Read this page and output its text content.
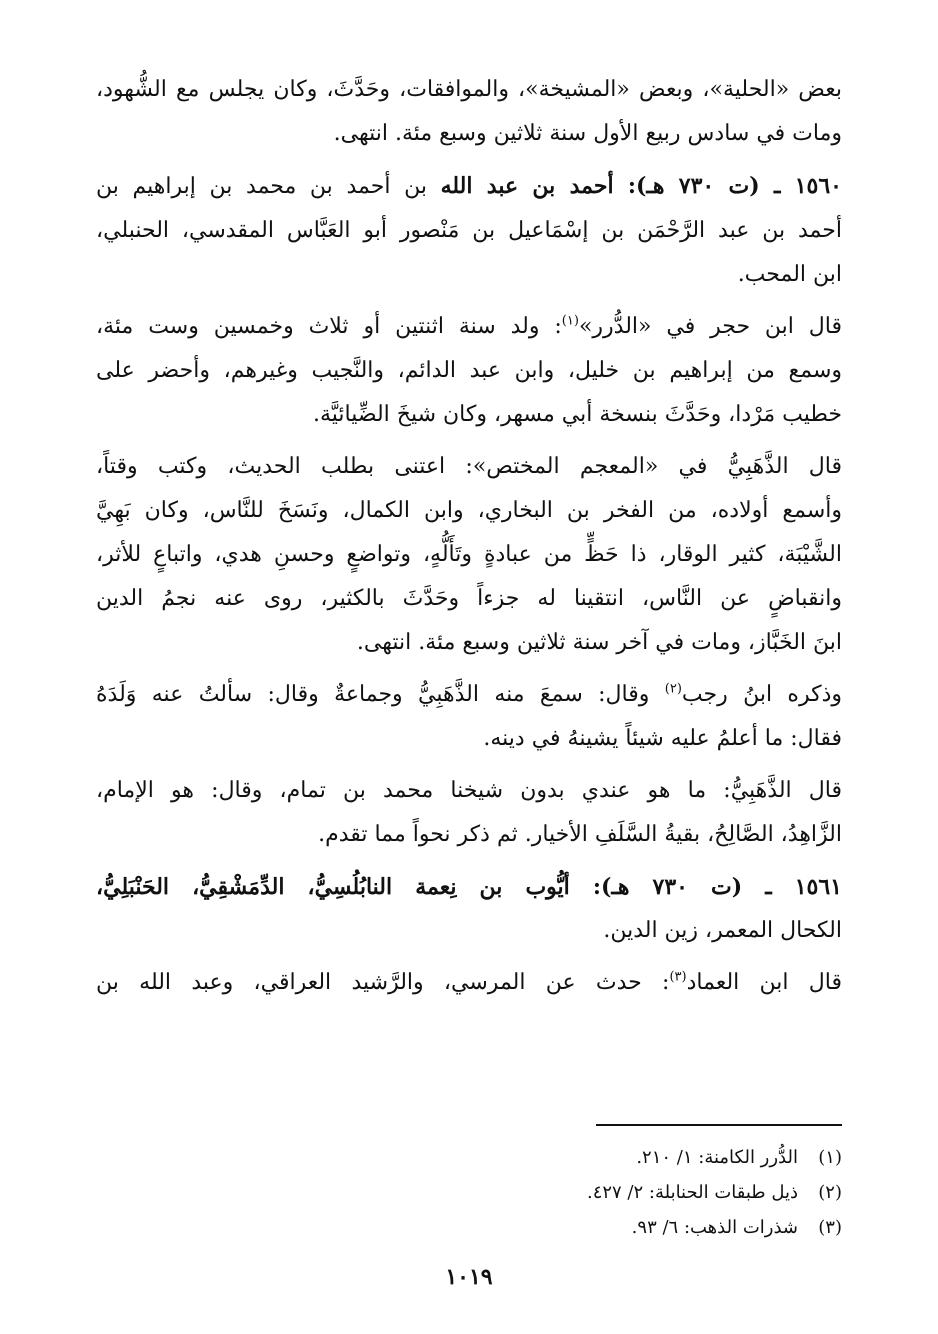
بعض «الحلية»، وبعض «المشيخة»، والموافقات، وحَدَّثَ، وكان يجلس مع الشُّهود،
ومات في سادس ربيع الأول سنة ثلاثين وسبع مئة. انتهى.

١٥٦٠ ـ (ت ٧٣٠ هـ): أحمد بن عبد الله بن أحمد بن محمد بن إبراهيم بن
أحمد بن عبد الرَّحْمَن بن إسْمَاعيل بن مَنْصور أبو العَبَّاس المقدسي، الحنبلي،
ابن المحب.

قال ابن حجر في «الدُّرر»$^{(١)}$: ولد سنة اثنتين أو ثلاث وخمسين وست مئة،
وسمع من إبراهيم بن خليل، وابن عبد الدائم، والنَّجيب وغيرهم، وأحضر على
خطيب مَرْدا، وحَدَّثَ بنسخة أبي مسهر، وكان شيخَ الضِّيائيَّة.

قال الذَّهَبِيُّ في «المعجم المختص»: اعتنى بطلب الحديث، وكتب وقتاً،
وأسمع أولاده، من الفخر بن البخاري، وابن الكمال، ونَسَخَ للنَّاس، وكان بَهِيَّ
الشَّيْبَة، كثير الوقار، ذا حَظٍّ من عبادةٍ وتَأَلُّهٍ، وتواضعٍ وحسنِ هدي، واتباعٍ للأثر،
وانقباضٍ عن النَّاس، انتقينا له جزءاً وحَدَّثَ بالكثير، روى عنه نجمُ الدين
ابنَ الخَبَّاز، ومات في آخر سنة ثلاثين وسبع مئة. انتهى.

وذكره ابنُ رجب$^{(٢)}$ وقال: سمعَ منه الذَّهَبِيُّ وجماعةٌ وقال: سألتُ عنه وَلَدَهُ
فقال: ما أعلمُ عليه شيئاً يشينهُ في دينه.

قال الذَّهَبِيُّ: ما هو عندي بدون شيخنا محمد بن تمام، وقال: هو الإمام،
الزَّاهِدُ، الصَّالِحُ، بقيةُ السَّلَفِ الأخيار. ثم ذكر نحواً مما تقدم.

١٥٦١ ـ (ت ٧٣٠ هـ): أيُّوب بن نِعمة النابُلُسِيُّ، الدِّمَشْقِيُّ، الحَنْبَلِيُّ،
الكحال المعمر، زين الدين.

قال ابن العماد$^{(٣)}$: حدث عن المرسي، والرَّشيد العراقي، وعبد الله بن

(١)الدُّرر الكامنة: ١/ ٢١٠.
(٢)ذيل طبقات الحنابلة: ٢/ ٤٢٧.
(٣)شذرات الذهب: ٦/ ٩٣.
١٠١٩
